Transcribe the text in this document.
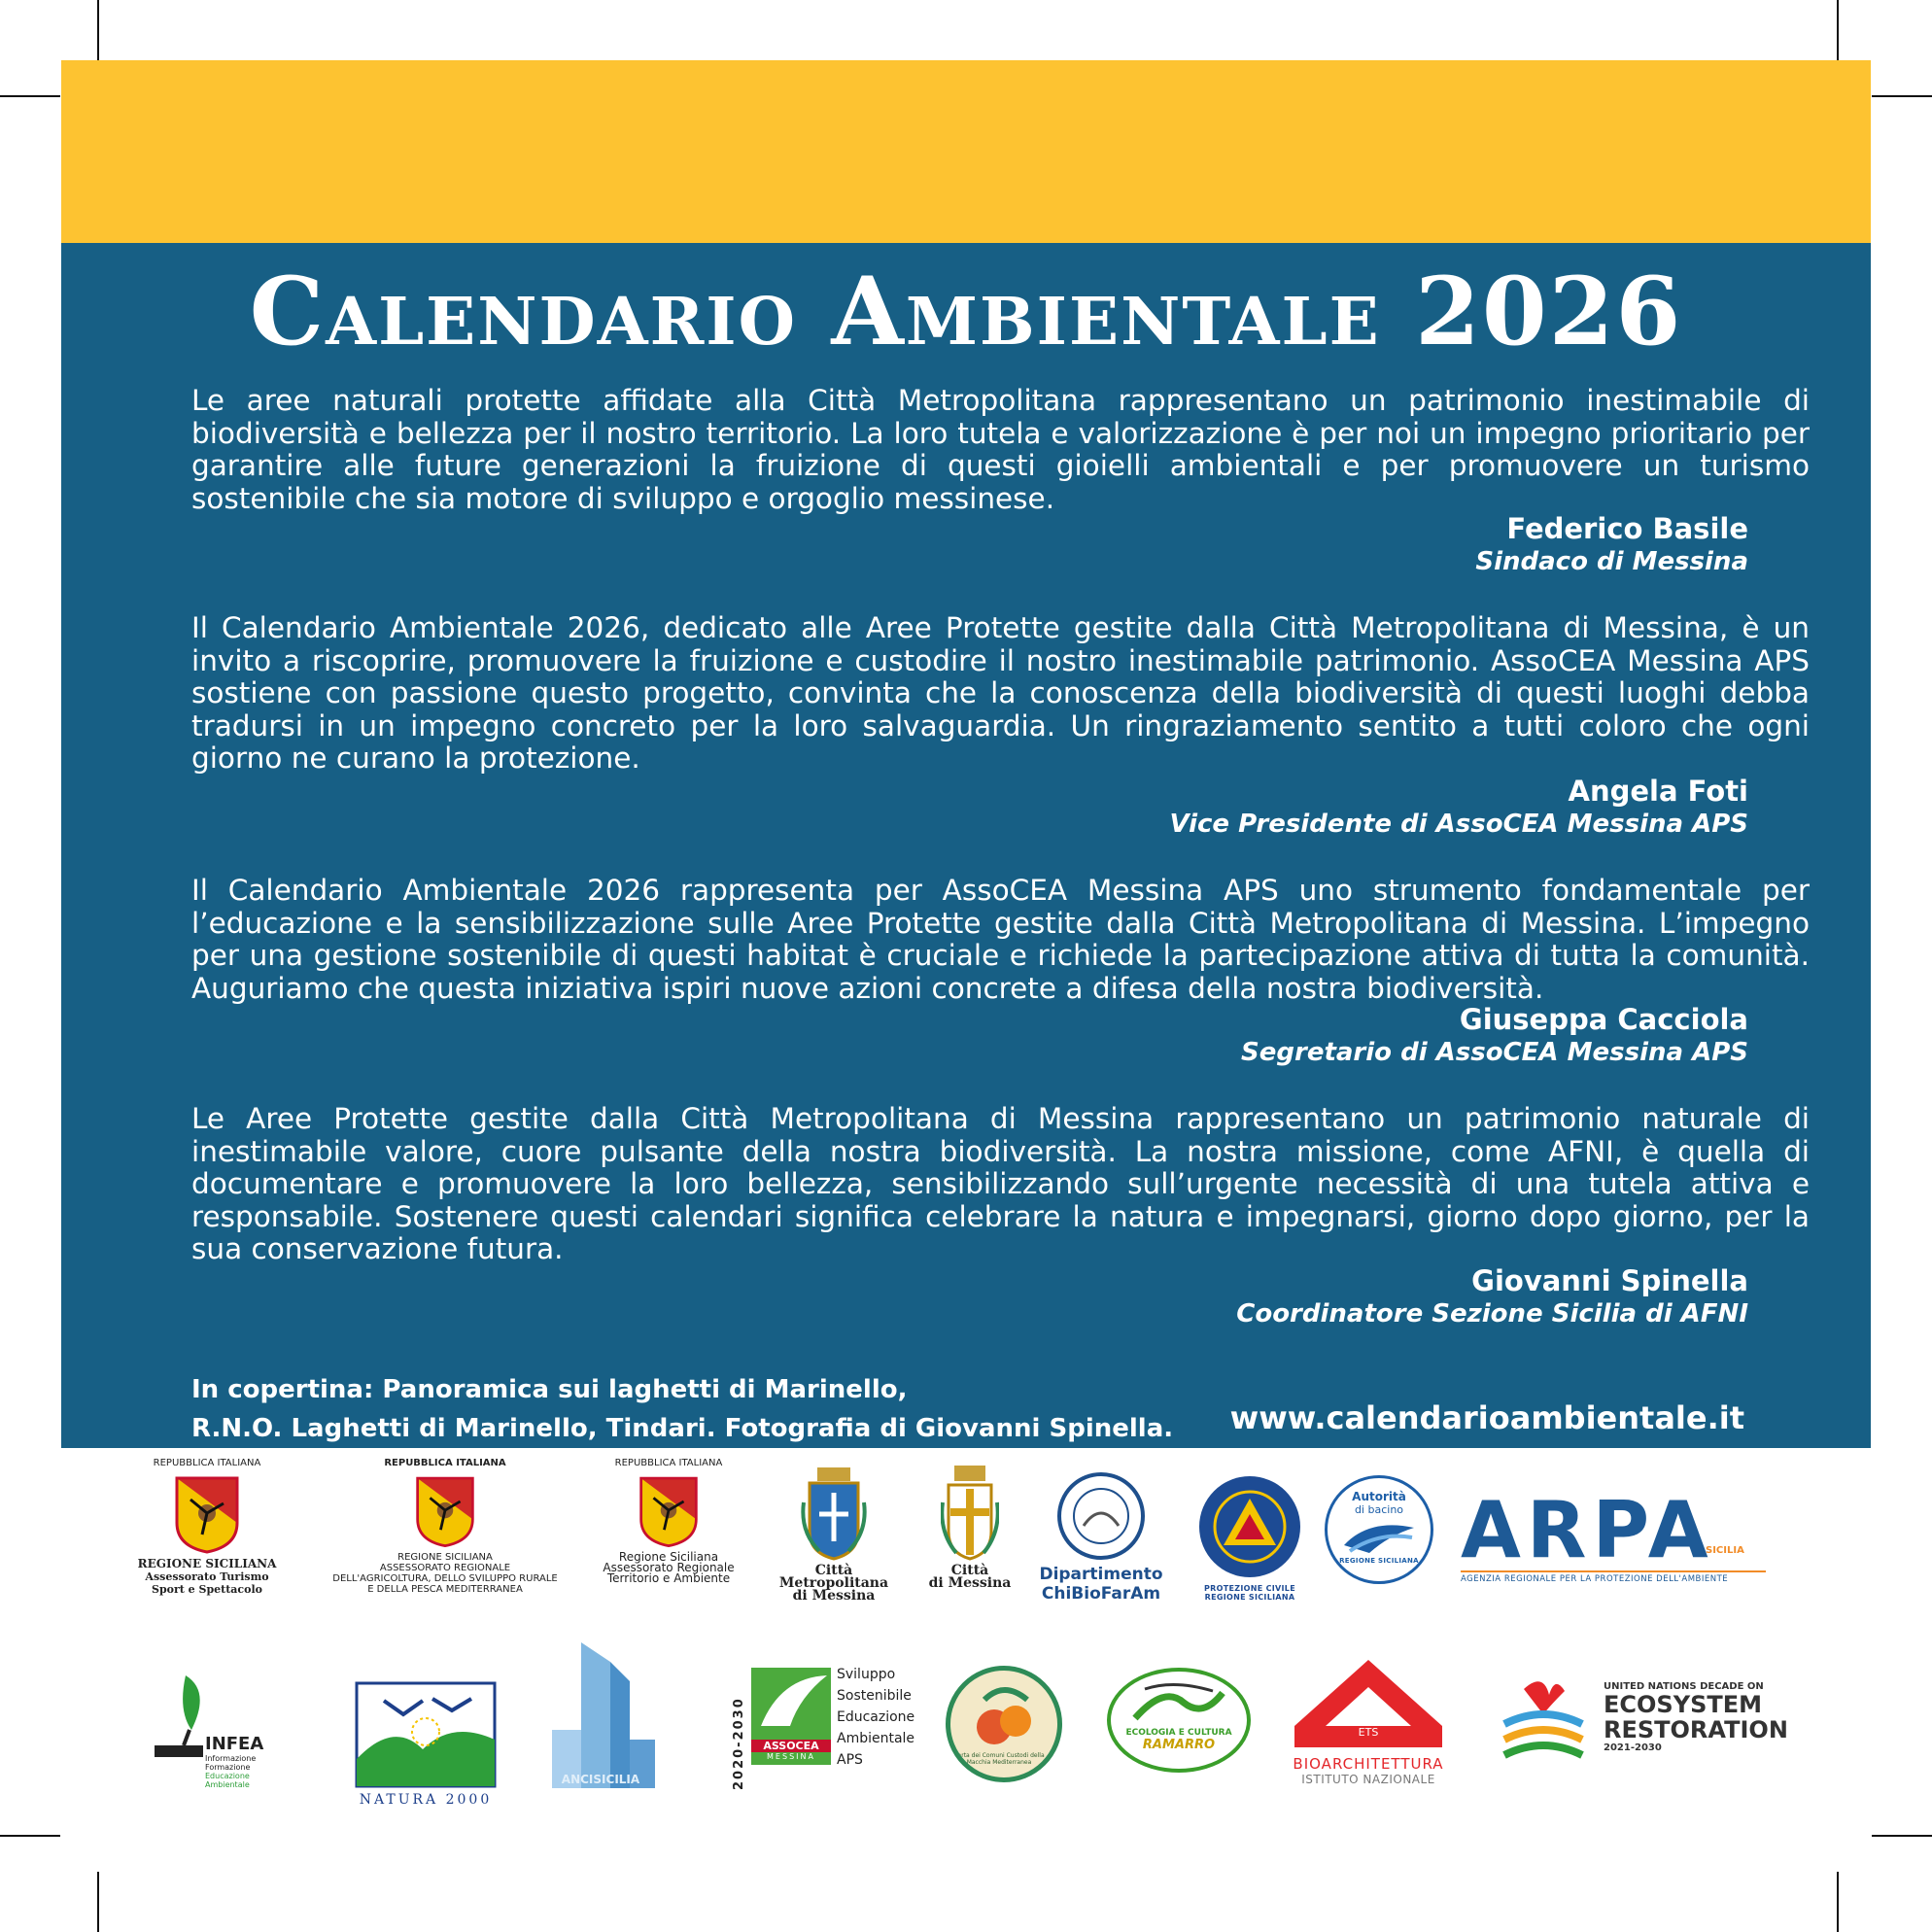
Calendario Ambientale 2026

Le aree naturali protette affidate alla Città Metropolitana rappresentano un patrimonio inestimabile di biodiversità e bellezza per il nostro territorio. La loro tutela e valorizzazione è per noi un impegno prioritario per garantire alle future generazioni la fruizione di questi gioielli ambientali e per promuovere un turismo sostenibile che sia motore di sviluppo e orgoglio messinese.

Federico Basile
Sindaco di Messina

Il Calendario Ambientale 2026, dedicato alle Aree Protette gestite dalla Città Metropolitana di Messina, è un invito a riscoprire, promuovere la fruizione e custodire il nostro inestimabile patrimonio. AssoCEA Messina APS sostiene con passione questo progetto, convinta che la conoscenza della biodiversità di questi luoghi debba tradursi in un impegno concreto per la loro salvaguardia. Un ringraziamento sentito a tutti coloro che ogni giorno ne curano la protezione.

Angela Foti
Vice Presidente di AssoCEA Messina APS

Il Calendario Ambientale 2026 rappresenta per AssoCEA Messina APS uno strumento fondamentale per l’educazione e la sensibilizzazione sulle Aree Protette gestite dalla Città Metropolitana di Messina. L’impegno per una gestione sostenibile di questi habitat è cruciale e richiede la partecipazione attiva di tutta la comunità. Auguriamo che questa iniziativa ispiri nuove azioni concrete a difesa della nostra biodiversità.

Giuseppa Cacciola
Segretario di AssoCEA Messina APS

Le Aree Protette gestite dalla Città Metropolitana di Messina rappresentano un patrimonio naturale di inestimabile valore, cuore pulsante della nostra biodiversità. La nostra missione, come AFNI, è quella di documentare e promuovere la loro bellezza, sensibilizzando sull’urgente necessità di una tutela attiva e responsabile. Sostenere questi calendari significa celebrare la natura e impegnarsi, giorno dopo giorno, per la sua conservazione futura.

Giovanni Spinella
Coordinatore Sezione Sicilia di AFNI
In copertina: Panoramica sui laghetti di Marinello,
R.N.O. Laghetti di Marinello, Tindari. Fotografia di Giovanni Spinella. www.calendarioambientale.it
REPUBBLICA ITALIANA
REGIONE SICILIANA
Assessorato Turismo
Sport e Spettacolo
REPUBBLICA ITALIANA
REGIONE SICILIANA
ASSESSORATO REGIONALE
DELL'AGRICOLTURA, DELLO SVILUPPO RURALE
E DELLA PESCA MEDITERRANEA
REPUBBLICA ITALIANA
Regione Siciliana
Assessorato Regionale
Territorio e Ambiente	Città Metropolitana
di Messina
Città
di Messina	Dipartimento
ChiBioFarAm	PROTEZIONE CIVILE
REGIONE SICILIANA
Autorità
di bacino
REGIONE SICILIANA ARPA
SICILIA
AGENZIA REGIONALE PER LA PROTEZIONE DELL'AMBIENTE
INFEA
Informazione Formazione
Educazione Ambientale
NATURA 2000
ANCISICILIA	2020-2030	ASSOCEA
MESSINA
Sviluppo
Sostenibile
Educazione
Ambientale
APS	Carta dei Comuni Custodi della Macchia Mediterranea
ECOLOGIA E CULTURA
RAMARRO
ETS
BIOARCHITETTURA
ISTITUTO NAZIONALE
UNITED NATIONS DECADE ON
ECOSYSTEM
RESTORATION
2021-2030
